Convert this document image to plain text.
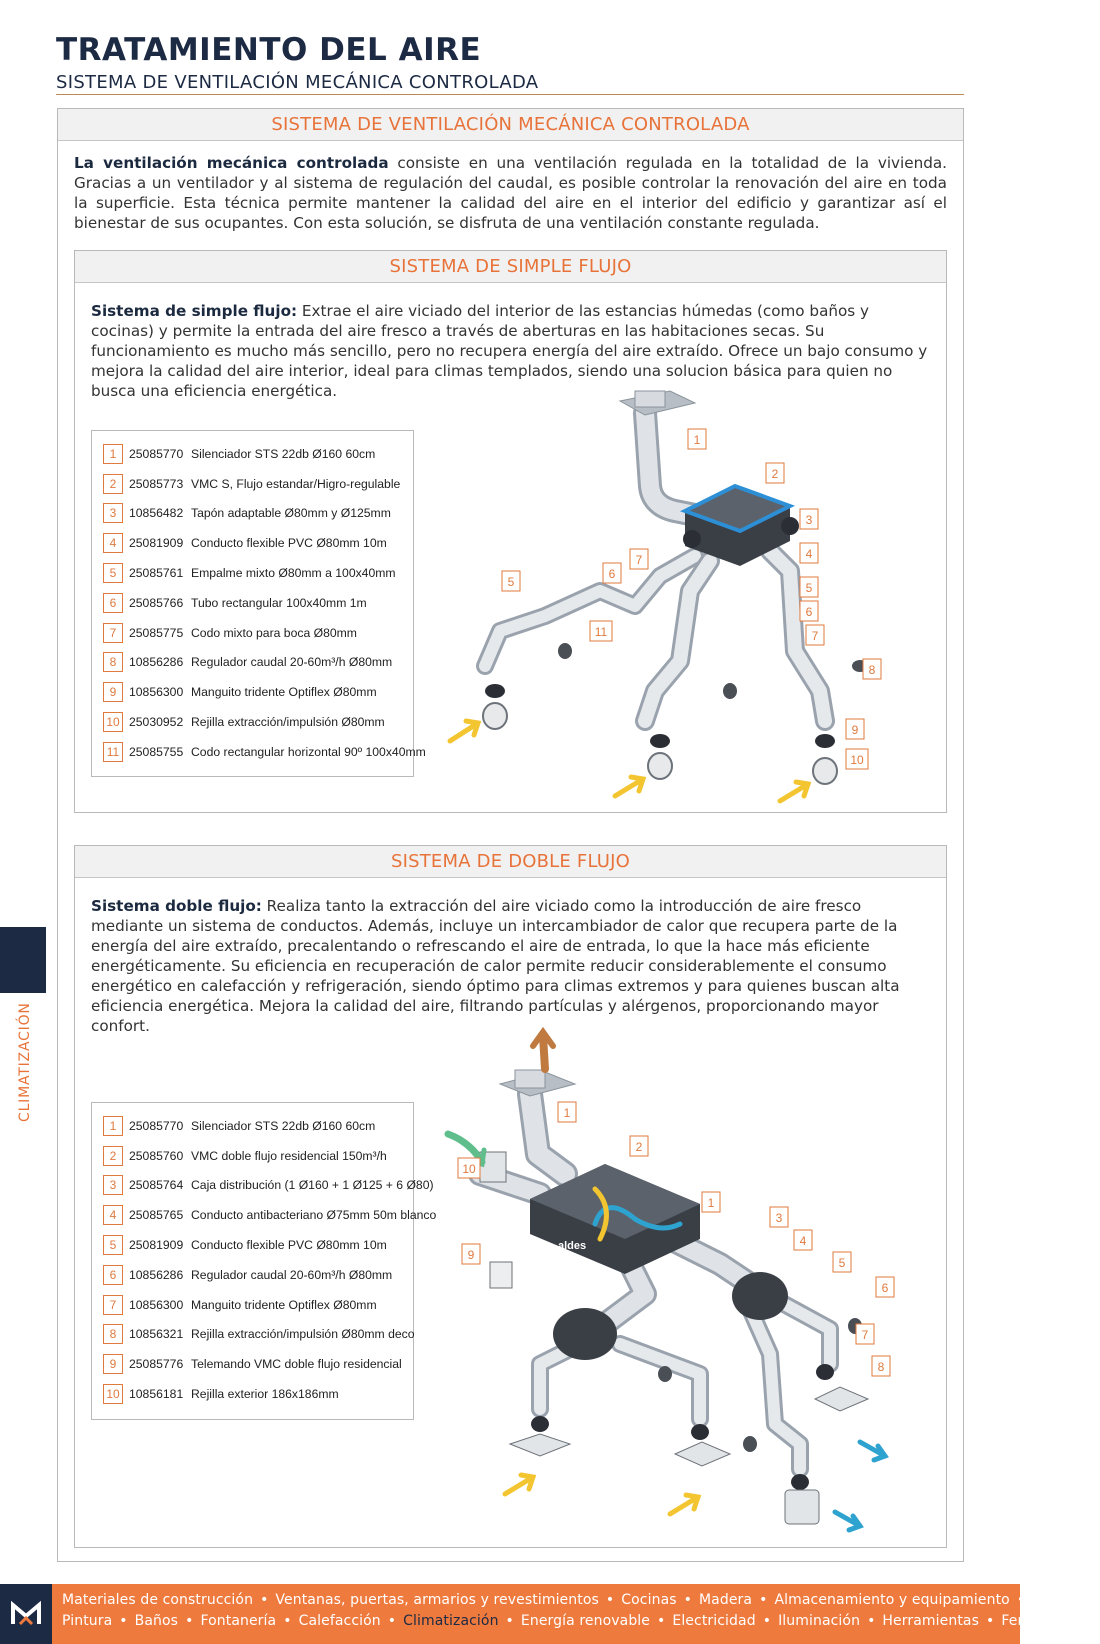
TRATAMIENTO DEL AIRE
SISTEMA DE VENTILACIÓN MECÁNICA CONTROLADA
SISTEMA DE VENTILACIÓN MECÁNICA CONTROLADA

La ventilación mecánica controlada consiste en una ventilación regulada en la totalidad de la vivienda. Gracias a un ventilador y al sistema de regulación del caudal, es posible controlar la renovación del aire en toda la superficie. Esta técnica permite mantener la calidad del aire en el interior del edificio y garantizar así el bienestar de sus ocupantes. Con esta solución, se disfruta de una ventilación constante regulada.

SISTEMA DE SIMPLE FLUJO

Sistema de simple flujo: Extrae el aire viciado del interior de las estancias húmedas (como baños y cocinas) y permite la entrada del aire fresco a través de aberturas en las habitaciones secas. Su funcionamiento es mucho más sencillo, pero no recupera energía del aire extraído. Ofrece un bajo consumo y mejora la calidad del aire interior, ideal para climas templados, siendo una solucion básica para quien no busca una eficiencia energética.

1	25085770 Silenciador STS 22db Ø160 60cm
2	25085773 VMC S, Flujo estandar/Higro-regulable
3	10856482 Tapón adaptable Ø80mm y Ø125mm
4	25081909 Conducto flexible PVC Ø80mm 10m
5	25085761 Empalme mixto Ø80mm a 100x40mm
6	25085766 Tubo rectangular 100x40mm 1m
7	25085775 Codo mixto para boca Ø80mm
8	10856286 Regulador caudal 20-60m³/h Ø80mm
9	10856300 Manguito tridente Optiflex Ø80mm
10 25030952 Rejilla extracción/impulsión Ø80mm
11 25085755 Codo rectangular horizontal 90º 100x40mm
1
2
3
4
5
6
7
5
6
7
11
8
9
10
SISTEMA DE DOBLE FLUJO

Sistema doble flujo: Realiza tanto la extracción del aire viciado como la introducción de aire fresco mediante un sistema de conductos. Además, incluye un intercambiador de calor que recupera parte de la energía del aire extraído, precalentando o refrescando el aire de entrada, lo que la hace más eficiente energéticamente. Su eficiencia en recuperación de calor permite reducir considerablemente el consumo energético en calefacción y refrigeración, siendo óptimo para climas extremos y para quienes buscan alta eficiencia energética. Mejora la calidad del aire, filtrando partículas y alérgenos, proporcionando mayor confort.

1	25085770 Silenciador STS 22db Ø160 60cm
2	25085760 VMC doble flujo residencial 150m³/h
3	25085764 Caja distribución (1 Ø160 + 1 Ø125 + 6 Ø80)
4	25085765 Conducto antibacteriano Ø75mm 50m blanco
5	25081909 Conducto flexible PVC Ø80mm 10m
6	10856286 Regulador caudal 20-60m³/h Ø80mm
7	10856300 Manguito tridente Optiflex Ø80mm
8	10856321 Rejilla extracción/impulsión Ø80mm deco
9	25085776 Telemando VMC doble flujo residencial
10 10856181 Rejilla exterior 186x186mm
aldes
1
2
10
9
1
3
4
5
6
7
8
CLIMATIZACIÓN
Materiales de construcción • Ventanas, puertas, armarios y revestimientos • Cocinas • Madera • Almacenamiento y equipamiento • Cerámica
Pintura • Baños • Fontanería • Calefacción • Climatización • Energía renovable • Electricidad • Iluminación • Herramientas • Ferretería
